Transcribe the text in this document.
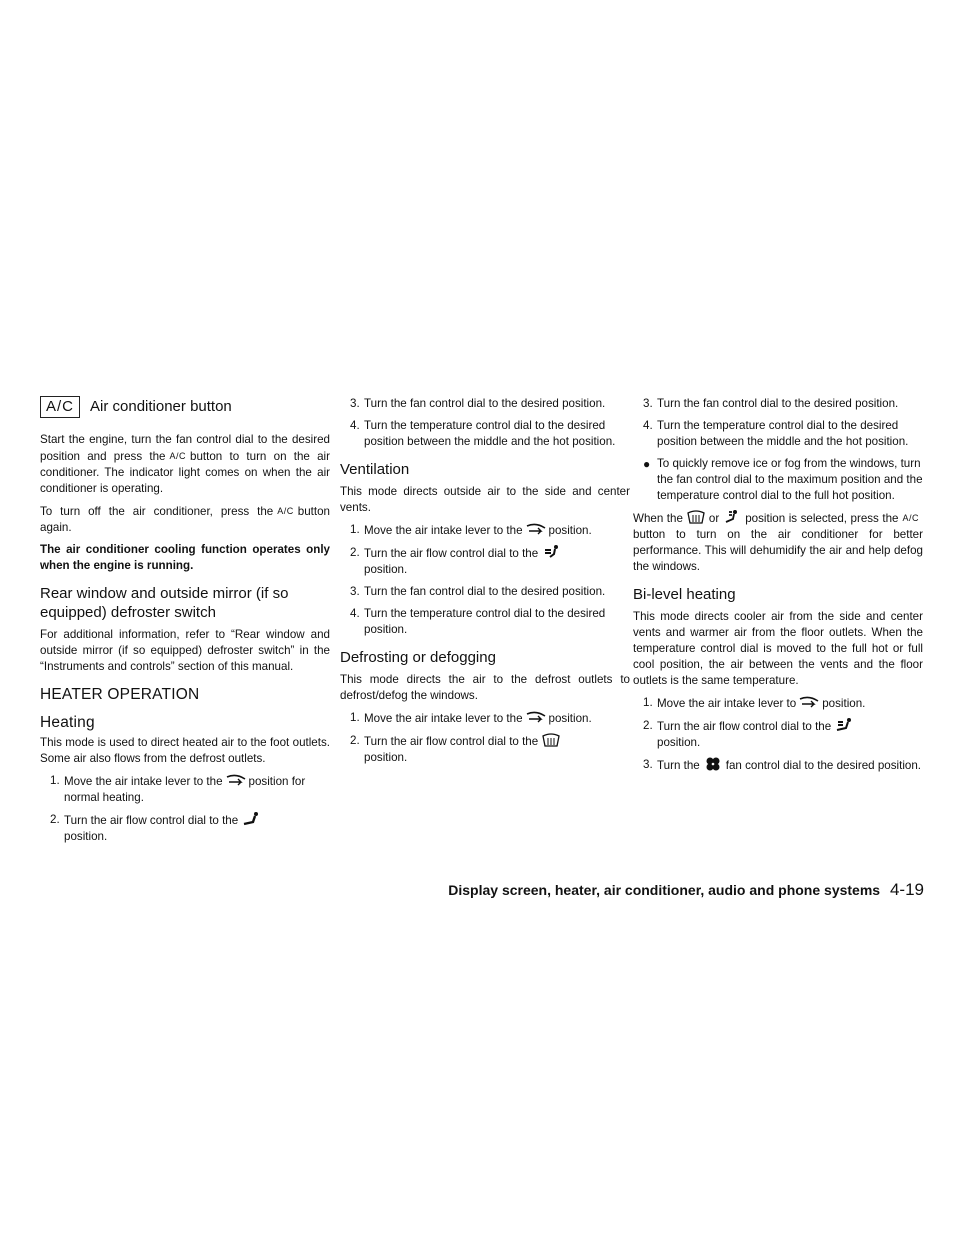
A/C	Air conditioner button

Start the engine, turn the fan control dial to the desired position and press the A/C button to turn on the air conditioner. The indicator light comes on when the air conditioner is operating.

To turn off the air conditioner, press the A/C button again.

The air conditioner cooling function operates only when the engine is running.

Rear window and outside mirror (if so equipped) defroster switch

For additional information, refer to “Rear window and outside mirror (if so equipped) defroster switch” in the “Instruments and controls” section of this manual.

HEATER OPERATION
Heating

This mode is used to direct heated air to the foot outlets. Some air also flows from the defrost outlets.

1. Move the air intake lever to the position for normal heating.
2. Turn the air flow control dial to the
position.
3. Turn the fan control dial to the desired position.
4. Turn the temperature control dial to the desired position between the middle and the hot position.
Ventilation

This mode directs outside air to the side and center vents.

1. Move the air intake lever to the position.
2. Turn the air flow control dial to the
position.
3. Turn the fan control dial to the desired position.
4. Turn the temperature control dial to the desired position.
Defrosting or defogging

This mode directs the air to the defrost outlets to defrost/defog the windows.

1. Move the air intake lever to the position.
2. Turn the air flow control dial to the
position.
3. Turn the fan control dial to the desired position.
4. Turn the temperature control dial to the desired position between the middle and the hot position.
● To quickly remove ice or fog from the windows, turn the fan control dial to the maximum position and the temperature control dial to the full hot position.

When the or position is selected, press the A/Cbutton to turn on the air conditioner for better performance. This will dehumidify the air and help defog the windows.

Bi-level heating

This mode directs cooler air from the side and center vents and warmer air from the floor outlets. When the temperature control dial is moved to the full hot or full cool position, the air between the vents and the floor outlets is the same temperature.

1. Move the air intake lever to position.
2. Turn the air flow control dial to the
position.
3. Turn the fan control dial to the desired position.
Display screen, heater, air conditioner, audio and phone systems 4-19
